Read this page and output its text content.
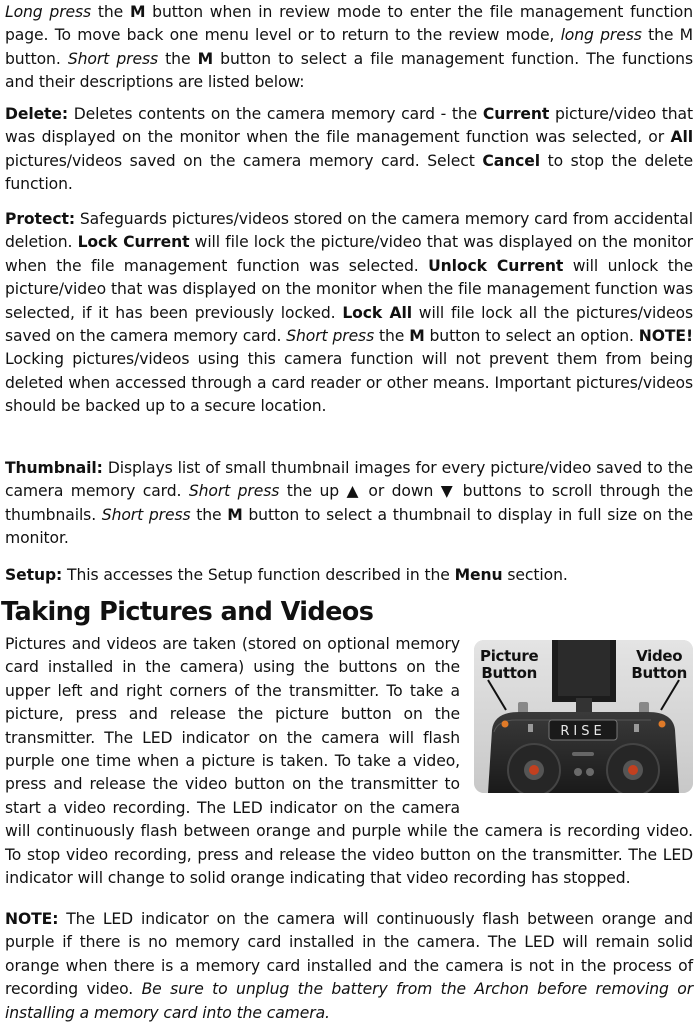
Long press the M button when in review mode to enter the file management function page. To move back one menu level or to return to the review mode, long press the M button. Short press the M button to select a file management function. The functions and their descriptions are listed below:

Delete: Deletes contents on the camera memory card - the Current picture/video that was displayed on the monitor when the file management function was selected, or All pictures/videos saved on the camera memory card. Select Cancel to stop the delete function.

Protect: Safeguards pictures/videos stored on the camera memory card from accidental deletion. Lock Current will file lock the picture/video that was displayed on the monitor when the file management function was selected. Unlock Current will unlock the picture/video that was displayed on the monitor when the file management function was selected, if it has been previously locked. Lock All will file lock all the pictures/videos saved on the camera memory card. Short press the M button to select an option. NOTE! Locking pictures/videos using this camera function will not prevent them from being deleted when accessed through a card reader or other means. Important pictures/videos should be backed up to a secure location.

Thumbnail: Displays list of small thumbnail images for every picture/video saved to the camera memory card. Short press the up ▲ or down ▼ buttons to scroll through the thumbnails. Short press the M button to select a thumbnail to display in full size on the monitor.

Setup: This accesses the Setup function described in the Menu section.

Taking Pictures and Videos

RISE
Picture
Button
Video
Button
Pictures and videos are taken (stored on optional memory card installed in the camera) using the buttons on the upper left and right corners of the transmitter. To take a picture, press and release the picture button on the transmitter. The LED indicator on the camera will flash purple one time when a picture is taken. To take a video, press and release the video button on the transmitter to start a video recording. The LED indicator on the camera will continuously flash between orange and purple while the camera is recording video. To stop video recording, press and release the video button on the transmitter. The LED indicator will change to solid orange indicating that video recording has stopped.

NOTE: The LED indicator on the camera will continuously flash between orange and purple if there is no memory card installed in the camera. The LED will remain solid orange when there is a memory card installed and the camera is not in the process of recording video. Be sure to unplug the battery from the Archon before removing or installing a memory card into the camera.
